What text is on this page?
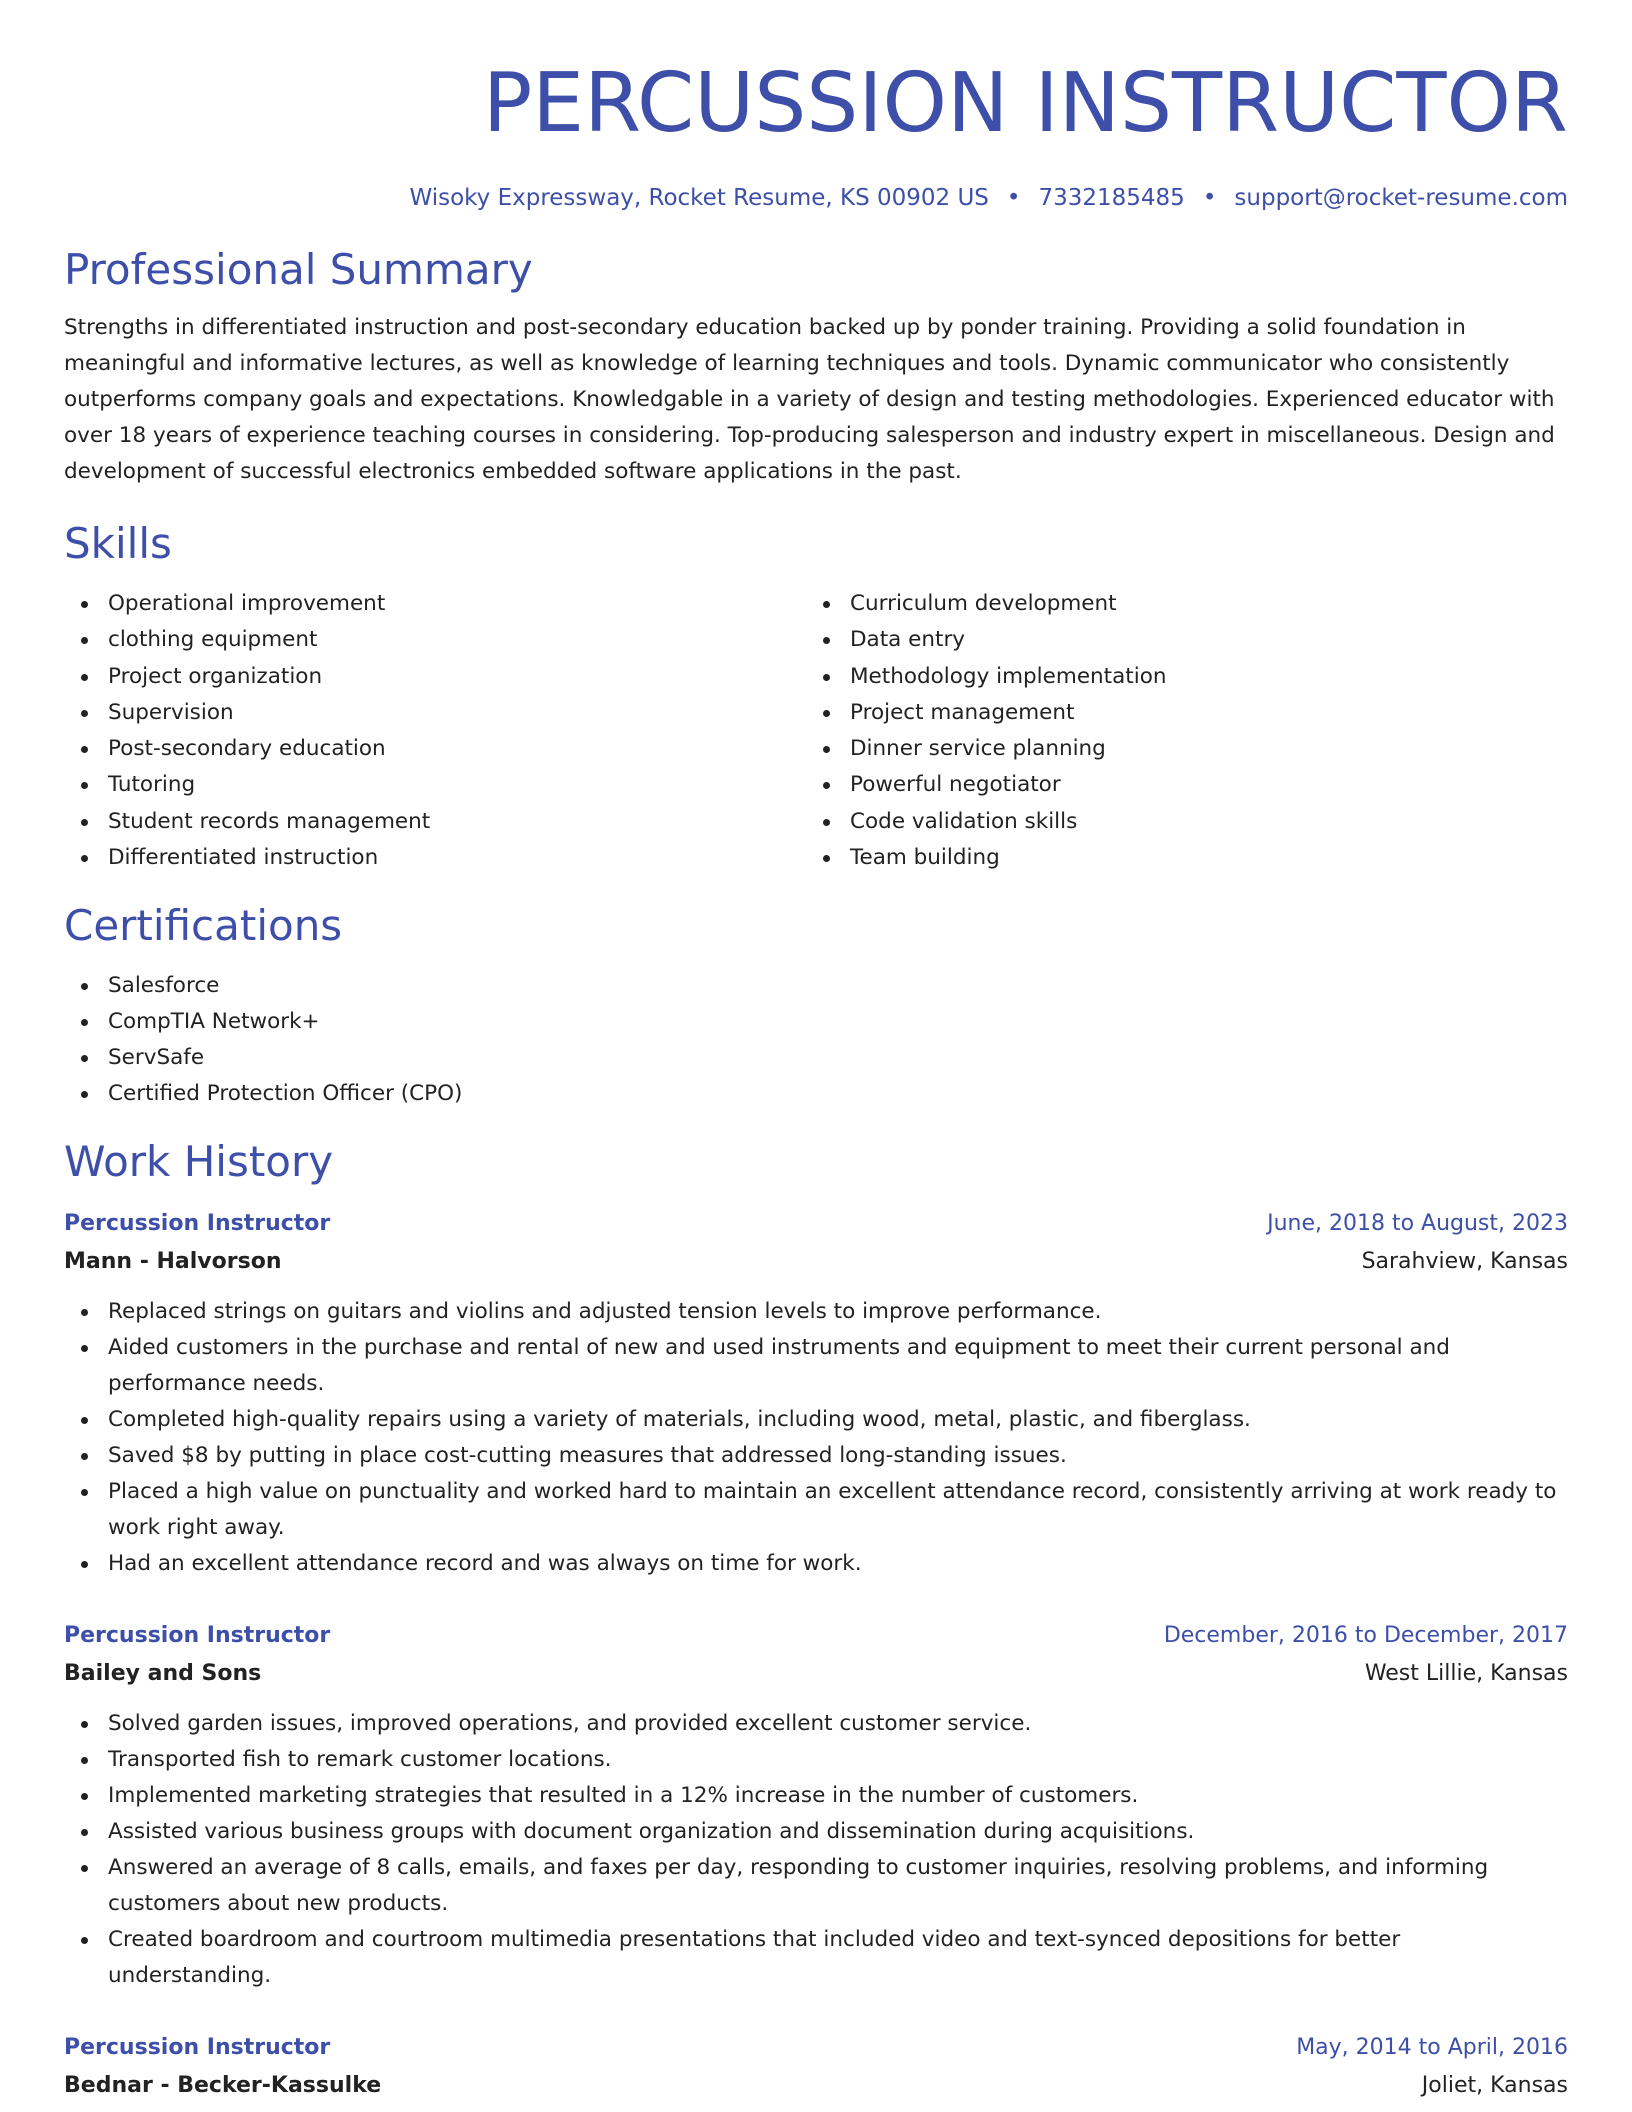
PERCUSSION INSTRUCTOR
Wisoky Expressway, Rocket Resume, KS 00902 US • 7332185485 • support@rocket-resume.com
Professional Summary
Strengths in differentiated instruction and post-secondary education backed up by ponder training. Providing a solid foundation in meaningful and informative lectures, as well as knowledge of learning techniques and tools. Dynamic communicator who consistently outperforms company goals and expectations. Knowledgable in a variety of design and testing methodologies. Experienced educator with over 18 years of experience teaching courses in considering. Top-producing salesperson and industry expert in miscellaneous. Design and development of successful electronics embedded software applications in the past.
Skills
Operational improvement
clothing equipment
Project organization
Supervision
Post-secondary education
Tutoring
Student records management
Differentiated instruction
Curriculum development
Data entry
Methodology implementation
Project management
Dinner service planning
Powerful negotiator
Code validation skills
Team building
Certifications
Salesforce
CompTIA Network+
ServSafe
Certified Protection Officer (CPO)
Work History
Percussion Instructor	June, 2018 to August, 2023
Mann - Halvorson	Sarahview, Kansas
Replaced strings on guitars and violins and adjusted tension levels to improve performance.
Aided customers in the purchase and rental of new and used instruments and equipment to meet their current personal and performance needs.
Completed high-quality repairs using a variety of materials, including wood, metal, plastic, and fiberglass.
Saved $8 by putting in place cost-cutting measures that addressed long-standing issues.
Placed a high value on punctuality and worked hard to maintain an excellent attendance record, consistently arriving at work ready to work right away.
Had an excellent attendance record and was always on time for work.
Percussion Instructor	December, 2016 to December, 2017
Bailey and Sons	West Lillie, Kansas
Solved garden issues, improved operations, and provided excellent customer service.
Transported fish to remark customer locations.
Implemented marketing strategies that resulted in a 12% increase in the number of customers.
Assisted various business groups with document organization and dissemination during acquisitions.
Answered an average of 8 calls, emails, and faxes per day, responding to customer inquiries, resolving problems, and informing customers about new products.
Created boardroom and courtroom multimedia presentations that included video and text-synced depositions for better understanding.
Percussion Instructor	May, 2014 to April, 2016
Bednar - Becker-Kassulke	Joliet, Kansas
